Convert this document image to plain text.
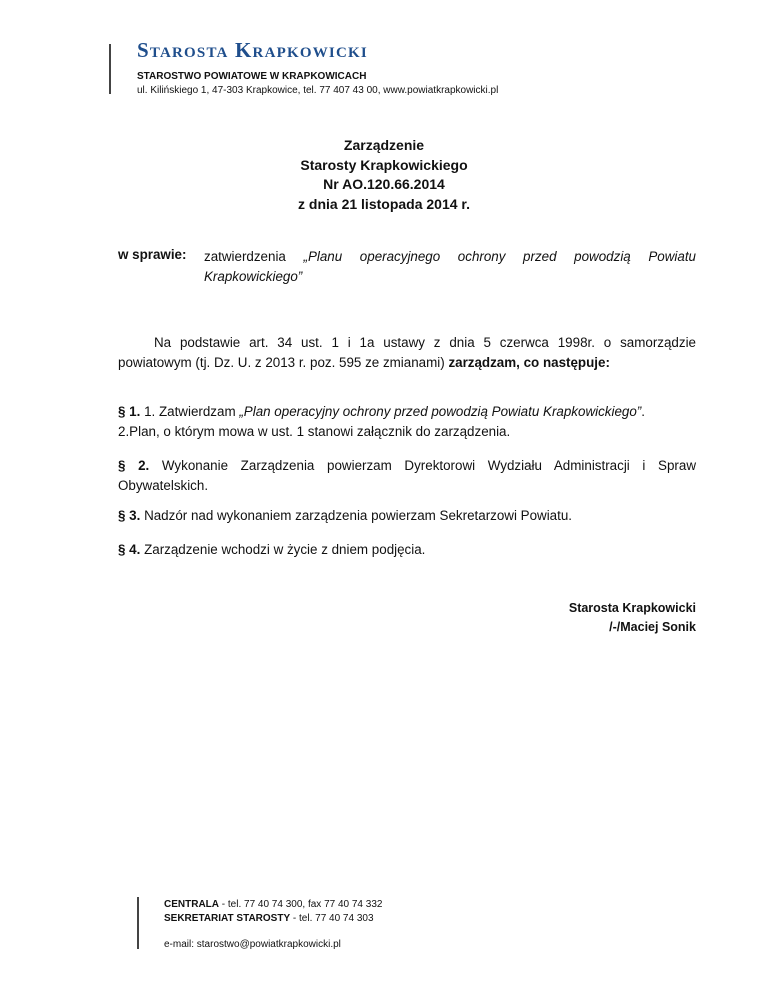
Starosta Krapkowicki
STAROSTWO POWIATOWE W KRAPKOWICACH
ul. Kilińskiego 1, 47-303 Krapkowice, tel. 77 407 43 00, www.powiatkrapkowicki.pl
Zarządzenie
Starosty Krapkowickiego
Nr AO.120.66.2014
z dnia 21 listopada 2014 r.
w sprawie: zatwierdzenia „Planu operacyjnego ochrony przed powodzią Powiatu Krapkowickiego”
Na podstawie art. 34 ust. 1 i 1a ustawy z dnia 5 czerwca 1998r. o samorządzie powiatowym (tj. Dz. U. z 2013 r. poz. 595 ze zmianami) zarządzam, co następuje:
§ 1. 1. Zatwierdzam „Plan operacyjny ochrony przed powodzią Powiatu Krapkowickiego”.
2.Plan, o którym mowa w ust. 1 stanowi załącznik do zarządzenia.
§ 2. Wykonanie Zarządzenia powierzam Dyrektorowi Wydziału Administracji i Spraw Obywatelskich.
§ 3. Nadzór nad wykonaniem zarządzenia powierzam Sekretarzowi Powiatu.
§ 4. Zarządzenie wchodzi w życie z dniem podjęcia.
Starosta Krapkowicki
/-/Maciej Sonik
CENTRALA - tel. 77 40 74 300, fax 77 40 74 332
SEKRETARIAT STAROSTY - tel. 77 40 74 303
e-mail: starostwo@powiatkrapkowicki.pl
